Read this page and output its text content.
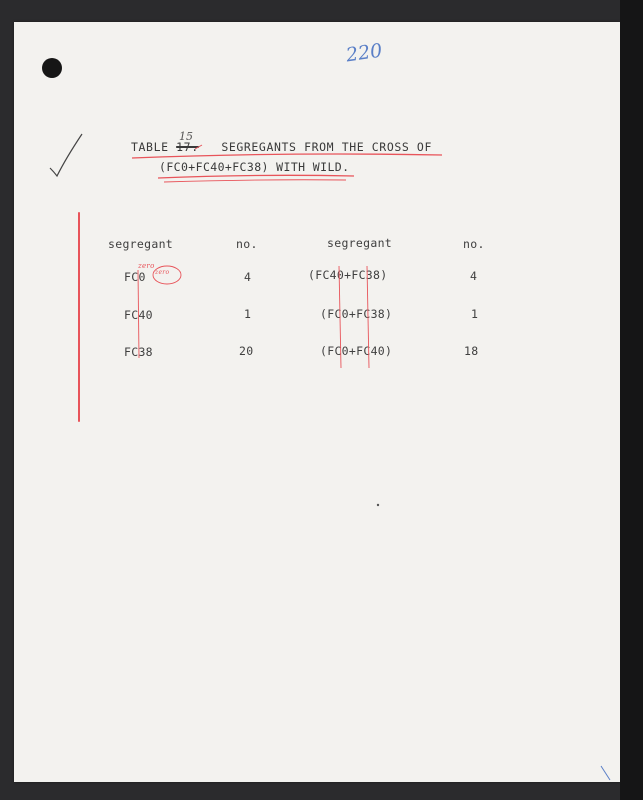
220
15
TABLE 17. SEGREGANTS FROM THE CROSS OF
(FC0+FC40+FC38) WITH WILD.
segregant	no.	segregant	no.
FC0	4	(FC40+FC38)	4
FC40	1	(FC0+FC38)	1
FC38	20	(FC0+FC40)	18
zero
zero
